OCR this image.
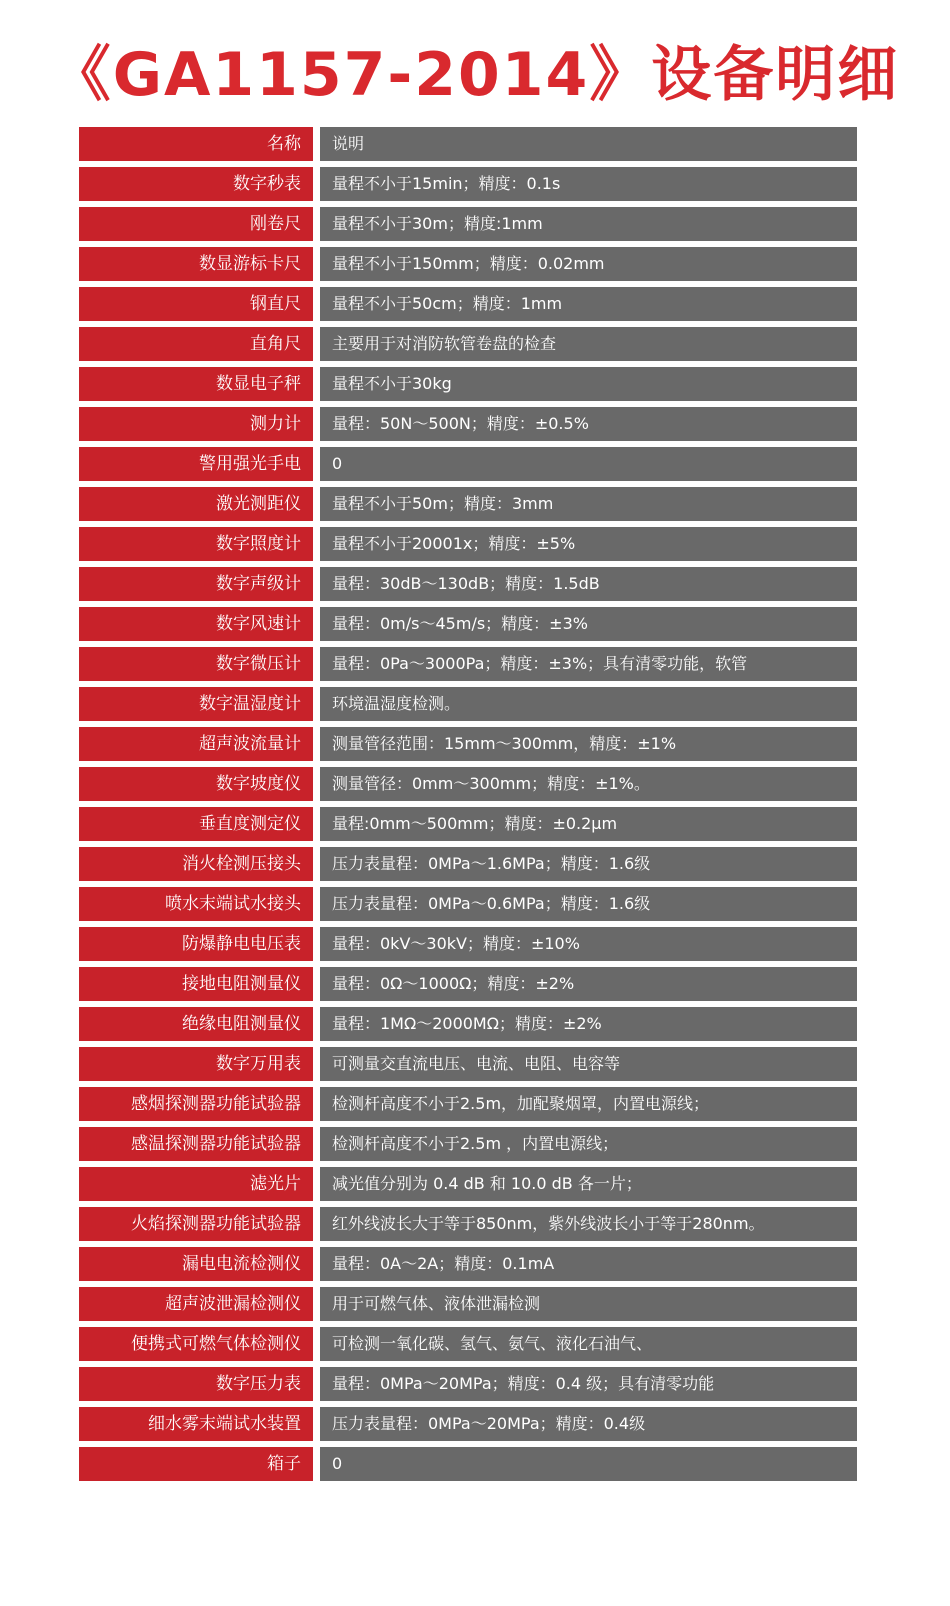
《GA1157-2014》设备明细
名称	说明
数字秒表	量程不小于15min；精度：0.1s
刚卷尺	量程不小于30m；精度:1mm
数显游标卡尺	量程不小于150mm；精度：0.02mm
钢直尺	量程不小于50cm；精度：1mm
直角尺	主要用于对消防软管卷盘的检查
数显电子秤	量程不小于30kg
测力计	量程：50N～500N；精度：±0.5%
警用强光手电	0
激光测距仪	量程不小于50m；精度：3mm
数字照度计	量程不小于20001x；精度：±5%
数字声级计	量程：30dB～130dB；精度：1.5dB
数字风速计	量程：0m/s～45m/s；精度：±3%
数字微压计	量程：0Pa～3000Pa；精度：±3%；具有清零功能，软管
数字温湿度计	环境温湿度检测。
超声波流量计	测量管径范围：15mm～300mm，精度：±1%
数字坡度仪	测量管径：0mm～300mm；精度：±1%。
垂直度测定仪	量程:0mm～500mm；精度：±0.2μm
消火栓测压接头	压力表量程：0MPa～1.6MPa；精度：1.6级
喷水末端试水接头	压力表量程：0MPa～0.6MPa；精度：1.6级
防爆静电电压表	量程：0kV～30kV；精度：±10%
接地电阻测量仪	量程：0Ω～1000Ω；精度：±2%
绝缘电阻测量仪	量程：1MΩ～2000MΩ；精度：±2%
数字万用表	可测量交直流电压、电流、电阻、电容等
感烟探测器功能试验器	检测杆高度不小于2.5m，加配聚烟罩，内置电源线；
感温探测器功能试验器	检测杆高度不小于2.5m ，内置电源线；
滤光片	减光值分别为 0.4 dB 和 10.0 dB 各一片；
火焰探测器功能试验器	红外线波长大于等于850nm，紫外线波长小于等于280nm。
漏电电流检测仪	量程：0A～2A；精度：0.1mA
超声波泄漏检测仪	用于可燃气体、液体泄漏检测
便携式可燃气体检测仪	可检测一氧化碳、氢气、氨气、液化石油气、
数字压力表	量程：0MPa～20MPa；精度：0.4 级；具有清零功能
细水雾末端试水装置	压力表量程：0MPa～20MPa；精度：0.4级
箱子	0
